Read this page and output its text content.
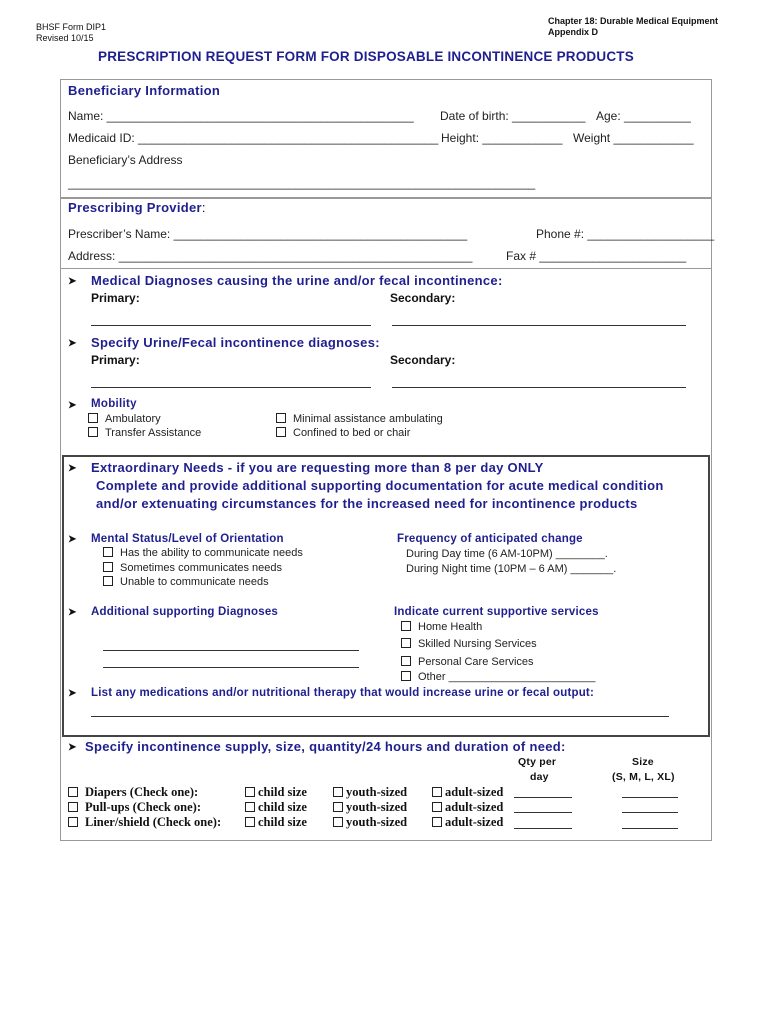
BHSF Form DIP1
Revised 10/15
Chapter 18: Durable Medical Equipment
Appendix D
PRESCRIPTION REQUEST FORM FOR DISPOSABLE INCONTINENCE PRODUCTS
Beneficiary Information
Name: ______________________________________________ Date of birth: ___________ Age: __________
Medicaid ID: _____________________________________________ Height: ____________ Weight ____________
Beneficiary’s Address
______________________________________________________________________
Prescribing Provider:
Prescriber’s Name: ____________________________________________	Phone #: ___________________
Address: _____________________________________________________	Fax # ______________________
➤ Medical Diagnoses causing the urine and/or fecal incontinence:
Primary:	Secondary:
➤ Specify Urine/Fecal incontinence diagnoses:
Primary:	Secondary:
➤ Mobility
Ambulatory
Transfer Assistance
Minimal assistance ambulating
Confined to bed or chair
➤ Extraordinary Needs - if you are requesting more than 8 per day ONLY
Complete and provide additional supporting documentation for acute medical condition
and/or extenuating circumstances for the increased need for incontinence products
➤ Mental Status/Level of Orientation
Has the ability to communicate needs
Sometimes communicates needs
Unable to communicate needs
Frequency of anticipated change
During Day time (6 AM-10PM) ________.
During Night time (10PM – 6 AM) _______.
➤ Additional supporting Diagnoses	Indicate current supportive services
Home Health
Skilled Nursing Services
Personal Care Services
Other ________________________
➤ List any medications and/or nutritional therapy that would increase urine or fecal output:
➤ Specify incontinence supply, size, quantity/24 hours and duration of need:
Qty per
day
Size
(S, M, L, XL)
Diapers (Check one):	child size	youth-sized	adult-sized
Pull-ups (Check one):	child size	youth-sized	adult-sized
Liner/shield (Check one):	child size	youth-sized	adult-sized
